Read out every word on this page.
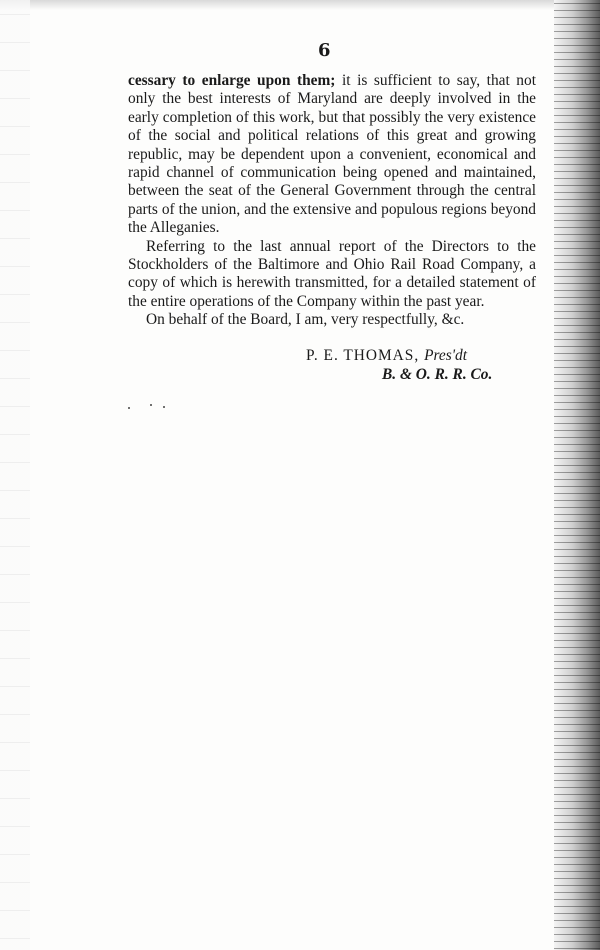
6

cessary to enlarge upon them; it is sufficient to say, that not only the best interests of Maryland are deeply involved in the early completion of this work, but that possibly the very existence of the social and political relations of this great and growing republic, may be dependent upon a convenient, economical and rapid channel of communication being opened and maintained, between the seat of the General Government through the central parts of the union, and the extensive and populous regions beyond the Alleganies.

Referring to the last annual report of the Directors to the Stockholders of the Baltimore and Ohio Rail Road Company, a copy of which is herewith transmitted, for a detailed statement of the entire operations of the Company within the past year.

On behalf of the Board, I am, very respectfully, &c.

P. E. THOMAS, Pres'dt
B. & O. R. R. Co.
